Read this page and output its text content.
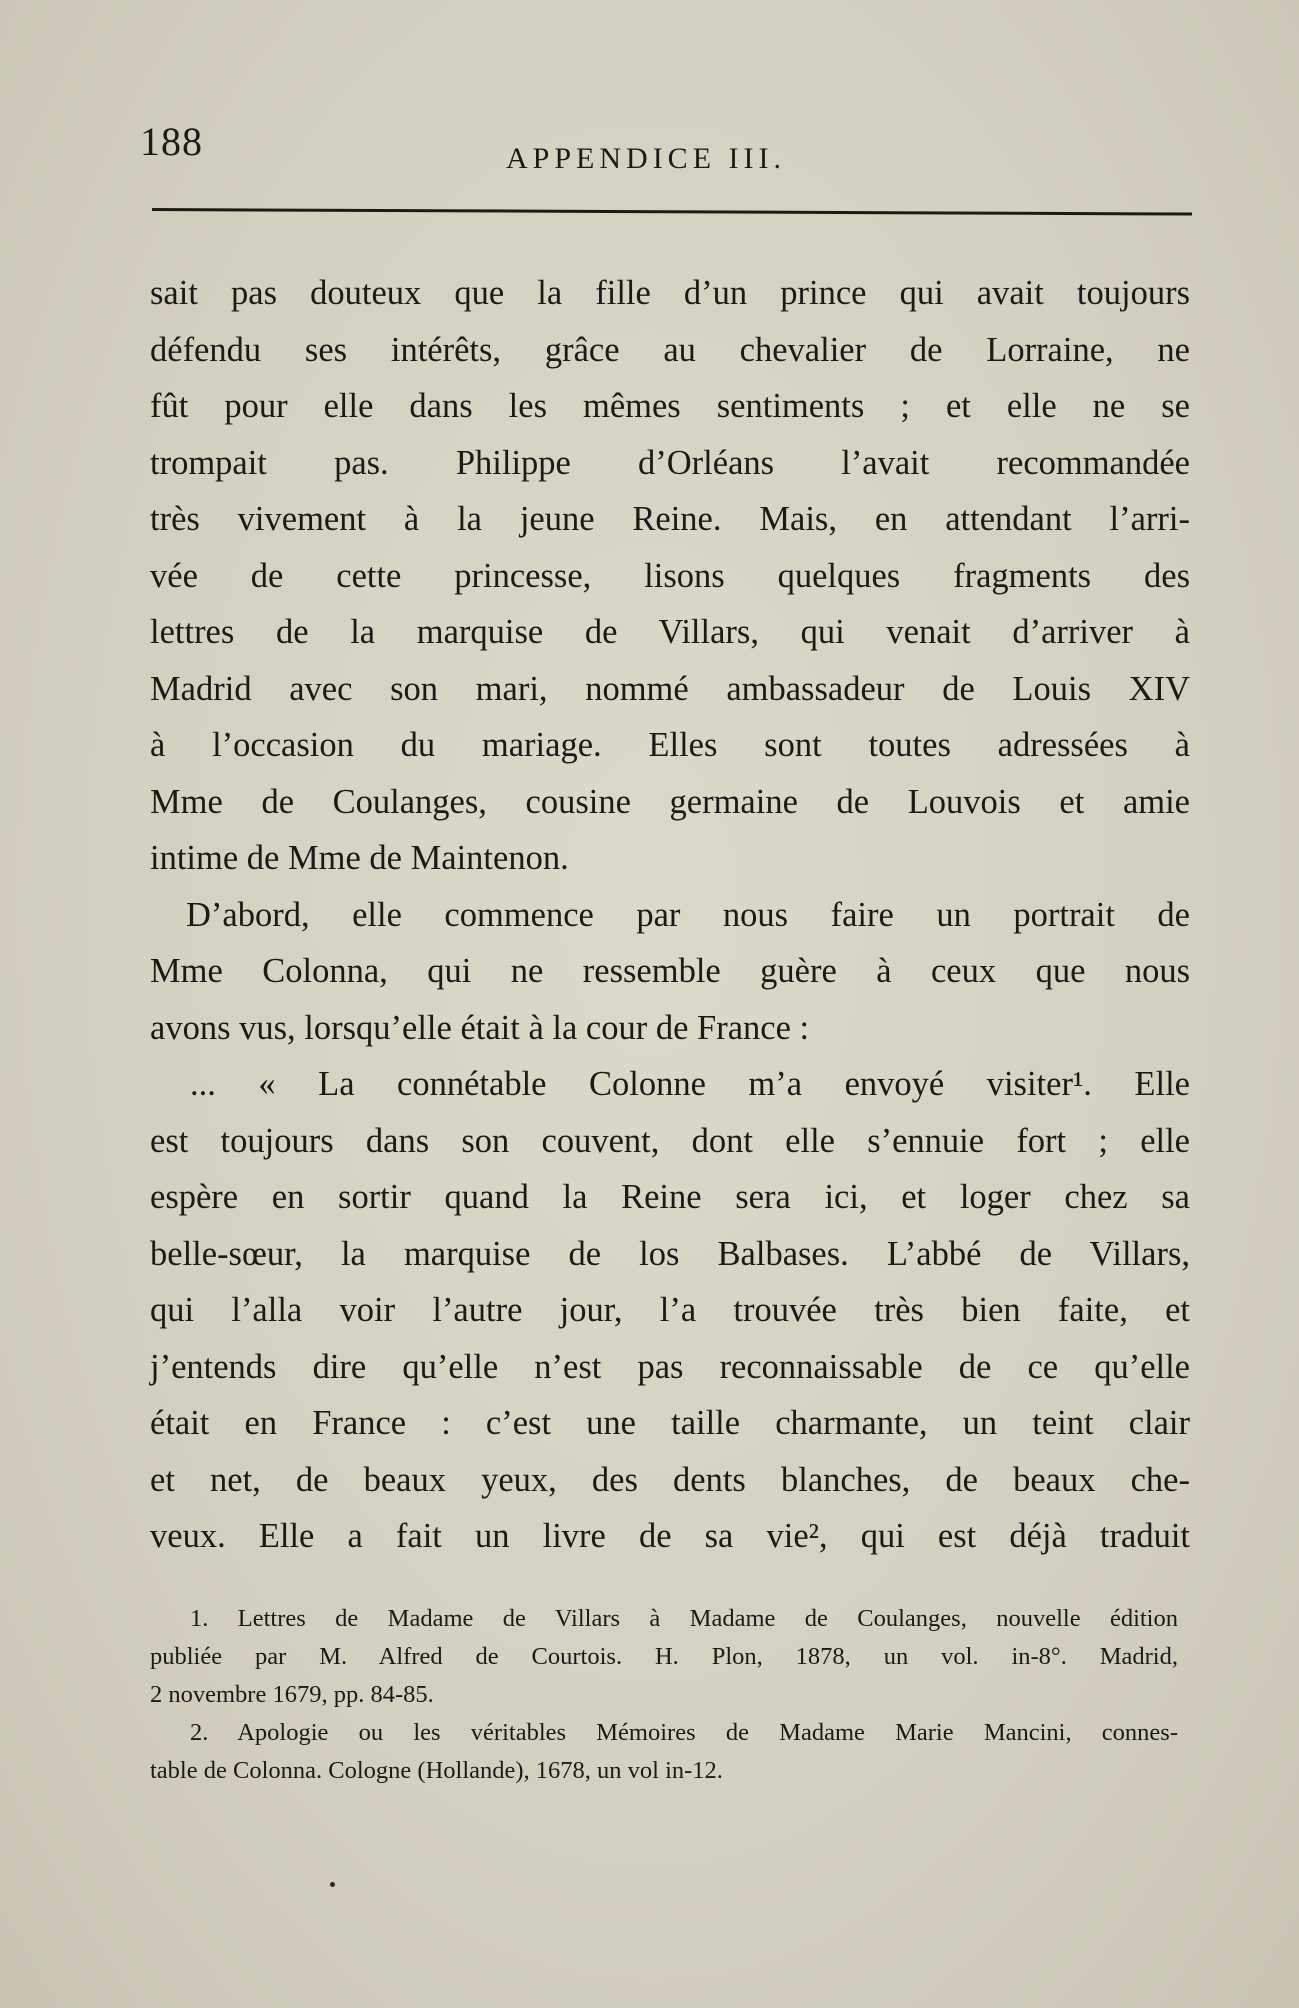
188	APPENDICE III.
sait pas douteux que la fille d’un prince qui avait toujours
défendu ses intérêts, grâce au chevalier de Lorraine, ne
fût pour elle dans les mêmes sentiments ; et elle ne se
trompait pas. Philippe d’Orléans l’avait recommandée
très vivement à la jeune Reine. Mais, en attendant l’arri-
vée de cette princesse, lisons quelques fragments des
lettres de la marquise de Villars, qui venait d’arriver à
Madrid avec son mari, nommé ambassadeur de Louis XIV
à l’occasion du mariage. Elles sont toutes adressées à
Mme de Coulanges, cousine germaine de Louvois et amie
intime de Mme de Maintenon.
D’abord, elle commence par nous faire un portrait de
Mme Colonna, qui ne ressemble guère à ceux que nous
avons vus, lorsqu’elle était à la cour de France :
... « La connétable Colonne m’a envoyé visiter¹. Elle
est toujours dans son couvent, dont elle s’ennuie fort ; elle
espère en sortir quand la Reine sera ici, et loger chez sa
belle-sœur, la marquise de los Balbases. L’abbé de Villars,
qui l’alla voir l’autre jour, l’a trouvée très bien faite, et
j’entends dire qu’elle n’est pas reconnaissable de ce qu’elle
était en France : c’est une taille charmante, un teint clair
et net, de beaux yeux, des dents blanches, de beaux che-
veux. Elle a fait un livre de sa vie², qui est déjà traduit
1. Lettres de Madame de Villars à Madame de Coulanges, nouvelle édition
publiée par M. Alfred de Courtois. H. Plon, 1878, un vol. in-8°. Madrid,
2 novembre 1679, pp. 84-85.
2. Apologie ou les véritables Mémoires de Madame Marie Mancini, connes-
table de Colonna. Cologne (Hollande), 1678, un vol in-12.
